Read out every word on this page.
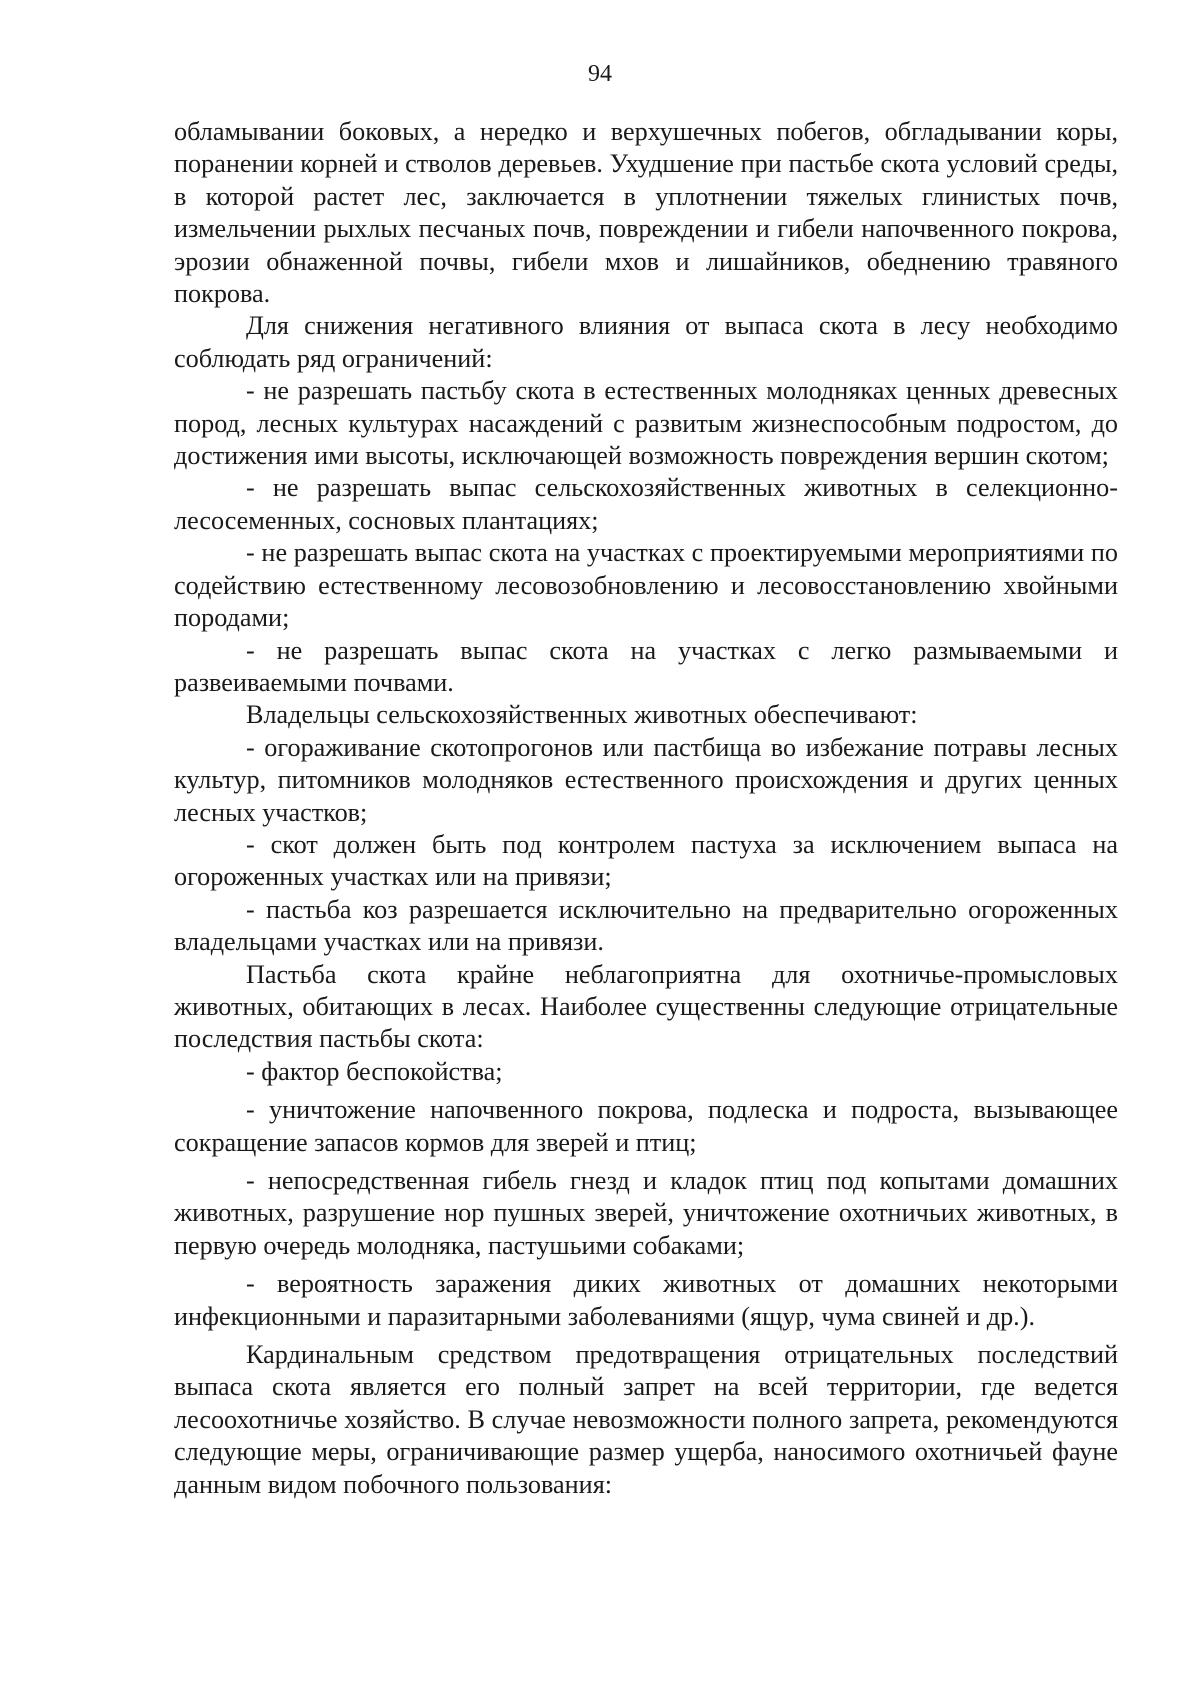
94

обламывании боковых, а нередко и верхушечных побегов, обгладывании коры, поранении корней и стволов деревьев. Ухудшение при пастьбе скота условий среды, в которой растет лес, заключается в уплотнении тяжелых глинистых почв, измельчении рыхлых песчаных почв, повреждении и гибели напочвенного покрова, эрозии обнаженной почвы, гибели мхов и лишайников, обеднению травяного покрова.

Для снижения негативного влияния от выпаса скота в лесу необходимо соблюдать ряд ограничений:

- не разрешать пастьбу скота в естественных молодняках ценных древесных пород, лесных культурах насаждений с развитым жизнеспособным подростом, до достижения ими высоты, исключающей возможность повреждения вершин скотом;

- не разрешать выпас сельскохозяйственных животных в селекционно-лесосеменных, сосновых плантациях;

- не разрешать выпас скота на участках с проектируемыми мероприятиями по содействию естественному лесовозобновлению и лесовосстановлению хвойными породами;

- не разрешать выпас скота на участках с легко размываемыми и развеиваемыми почвами.

Владельцы сельскохозяйственных животных обеспечивают:

- огораживание скотопрогонов или пастбища во избежание потравы лесных культур, питомников молодняков естественного происхождения и других ценных лесных участков;

- скот должен быть под контролем пастуха за исключением выпаса на огороженных участках или на привязи;

- пастьба коз разрешается исключительно на предварительно огороженных владельцами участках или на привязи.

Пастьба скота крайне неблагоприятна для охотничье-промысловых животных, обитающих в лесах. Наиболее существенны следующие отрицательные последствия пастьбы скота:

- фактор беспокойства;

- уничтожение напочвенного покрова, подлеска и подроста, вызывающее сокращение запасов кормов для зверей и птиц;

- непосредственная гибель гнезд и кладок птиц под копытами домашних животных, разрушение нор пушных зверей, уничтожение охотничьих животных, в первую очередь молодняка, пастушьими собаками;

- вероятность заражения диких животных от домашних некоторыми инфекционными и паразитарными заболеваниями (ящур, чума свиней и др.).

Кардинальным средством предотвращения отрицательных последствий выпаса скота является его полный запрет на всей территории, где ведется лесоохотничье хозяйство. В случае невозможности полного запрета, рекомендуются следующие меры, ограничивающие размер ущерба, наносимого охотничьей фауне данным видом побочного пользования:
